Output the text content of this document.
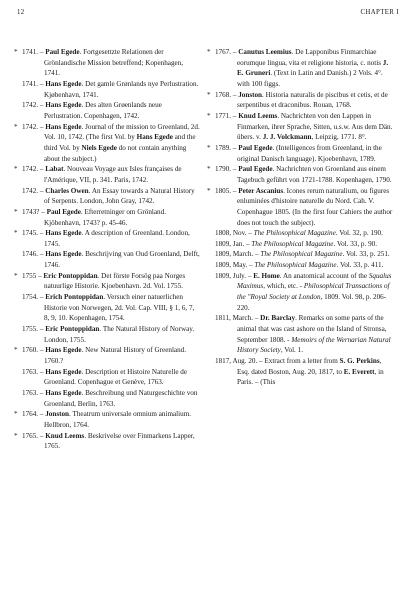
12	CHAPTER I
* 1741. – Paul Egede. Fortgesettzte Relationen der Grönlandische Mission betreffend; Kopenhagen, 1741.
1741. – Hans Egede. Det gamle Grønlands nye Perlustration. Kjøbenhavn, 1741.
1742. – Hans Egede. Des alten Grøenlands neue Perlustration. Copenhagen, 1742.
* 1742. – Hans Egede. Journal of the mission to Greenland, 2d. Vol. 10, 1742. (The first Vol. by Hans Egede and the third Vol. by Niels Egede do not contain anything about the subject.)
* 1742. – Labat. Nouveau Voyage aux Isles françaises de l'Amérique, VII, p. 341. Paris, 1742.
1742. – Charles Owen. An Essay towards a Natural History of Serpents. London, John Gray, 1742.
* 1743? – Paul Egede. Efterretninger om Grönland. Kjöbenhavn, 1743? p. 45-46.
* 1745. – Hans Egede. A description of Greenland. London, 1745.
1746. – Hans Egede. Beschrijving van Oud Groenland, Delft, 1746.
* 1755 – Eric Pontoppidan. Det förste Forsög paa Norges natuurlige Historie. Kjoebenhavn. 2d. Vol. 1755.
1754. – Erich Pontoppidan. Versuch einer natuerlichen Historie von Norwegen, 2d. Vol. Cap. VIII, § 1, 6, 7, 8, 9, 10. Kopenhagen, 1754.
1755. – Eric Pontoppidan. The Natural History of Norway. London, 1755.
* 1760. – Hans Egede. New Natural History of Greenland. 1760.?
1763. – Hans Egede. Description et Histoire Naturelle de Groenland. Copenhague et Genève, 1763.
1763. – Hans Egede. Beschreibung und Naturgeschichte von Groenland, Berlin, 1763.
* 1764. – Jonston. Theatrum universale omnium animalium. Hellbron, 1764.
* 1765. – Knud Leems. Beskrivelse over Finmarkens Lapper, 1765.
* 1767. – Canutus Leemius. De Lapponibus Finmarchiae eorumque lingua, vita et religione historia, c. notis J. E. Gruneri. (Text in Latin and Danish.) 2 Vols. 4°. with 100 figgs.
* 1768. – Jonston. Historia naturalis de piscibus et cetis, et de serpentibus et draconibus. Rouan, 1768.
* 1771. – Knud Leems. Nachrichten von den Lappen in Finmarken, ihrer Sprache, Sitten, u.s.w. Aus dem Dän. übers. v. J. J. Volckmann, Leipzig, 1771. 8°.
* 1789. – Paul Egede. (Intelligences from Greenland, in the original Danisch language). Kjoebenhavn, 1789.
* 1790. – Paul Egede. Nachrichten von Groenland aus einem Tagebuch geführt von 1721-1788. Kopenhagen, 1790.
* 1805. – Peter Ascanius. Icones rerum naturalium, ou figures enluminées d'histoire naturelle du Nord. Cah. V. Copenhague 1805. (In the first four Cahiers the author does not touch the subject).
1808, Nov. – The Philosophical Magazine. Vol. 32, p. 190.
1809, Jan. – The Philosophical Magazine. Vol. 33, p. 90.
1809, March. – The Philosophical Magazine. Vol. 33, p. 251.
1809, May. – The Philosophical Magazine. Vol. 33, p. 411.
1809, July. – E. Home. An anatomical account of the Squalus Maximus, which, etc. - Philosophical Transactions of the "Royal Society at London, 1809. Vol. 98, p. 206-220.
1811, March. – Dr. Barclay. Remarks on some parts of the animal that was cast ashore on the Island of Stronsa, September 1808. - Memoirs of the Wernarian Natural History Society, Vol. 1.
1817, Aug. 20. – Extract from a letter from S. G. Perkins, Esq. dated Boston, Aug. 20, 1817, to E. Everett, in Paris. – (This
